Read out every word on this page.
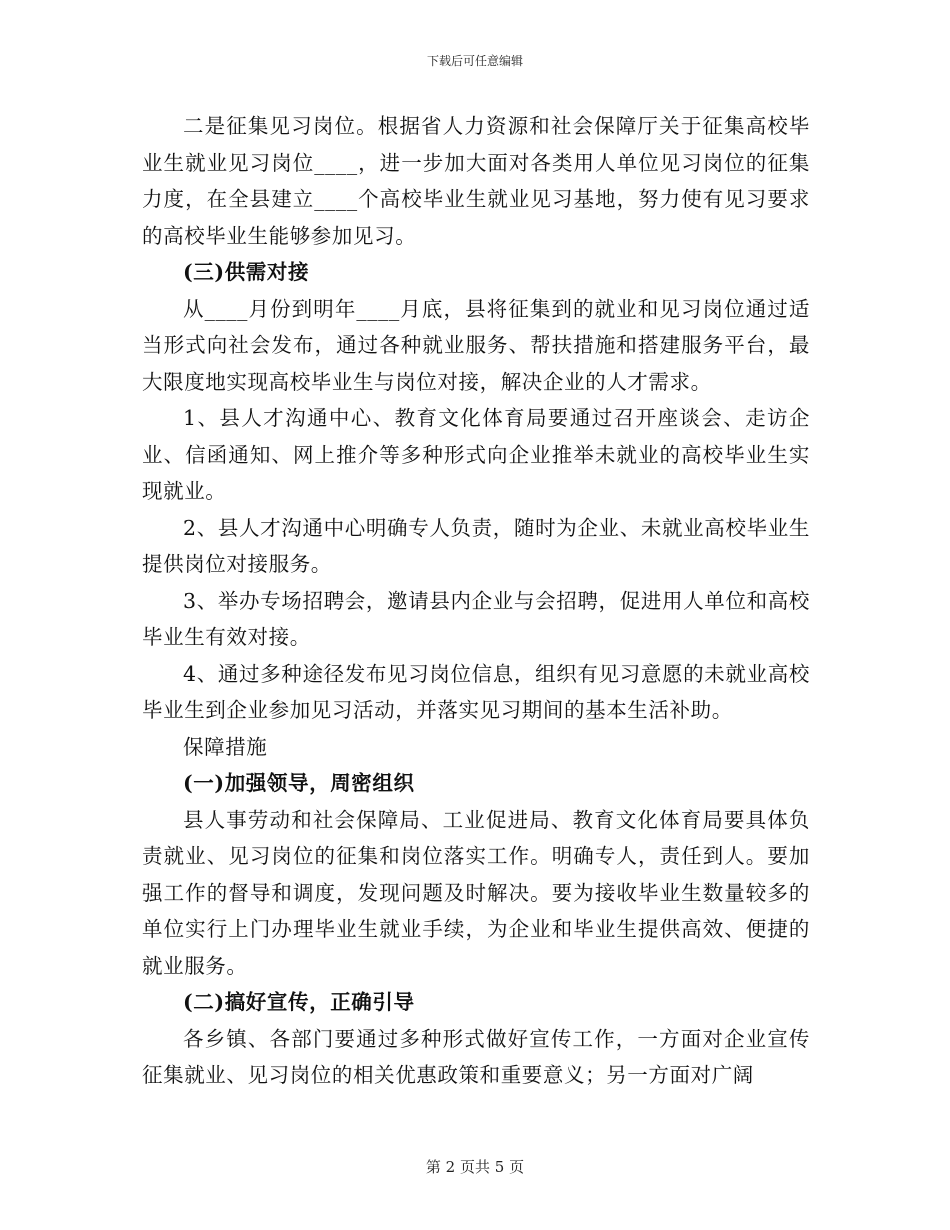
下载后可任意编辑

二是征集见习岗位。根据省人力资源和社会保障厅关于征集高校毕业生就业见习岗位____，进一步加大面对各类用人单位见习岗位的征集力度，在全县建立____个高校毕业生就业见习基地，努力使有见习要求的高校毕业生能够参加见习。

(三)供需对接

从____月份到明年____月底，县将征集到的就业和见习岗位通过适当形式向社会发布，通过各种就业服务、帮扶措施和搭建服务平台，最大限度地实现高校毕业生与岗位对接，解决企业的人才需求。

1、县人才沟通中心、教育文化体育局要通过召开座谈会、走访企业、信函通知、网上推介等多种形式向企业推举未就业的高校毕业生实现就业。

2、县人才沟通中心明确专人负责，随时为企业、未就业高校毕业生提供岗位对接服务。

3、举办专场招聘会，邀请县内企业与会招聘，促进用人单位和高校毕业生有效对接。

4、通过多种途径发布见习岗位信息，组织有见习意愿的未就业高校毕业生到企业参加见习活动，并落实见习期间的基本生活补助。

保障措施

(一)加强领导，周密组织

县人事劳动和社会保障局、工业促进局、教育文化体育局要具体负责就业、见习岗位的征集和岗位落实工作。明确专人，责任到人。要加强工作的督导和调度，发现问题及时解决。要为接收毕业生数量较多的单位实行上门办理毕业生就业手续，为企业和毕业生提供高效、便捷的就业服务。

(二)搞好宣传，正确引导

各乡镇、各部门要通过多种形式做好宣传工作，一方面对企业宣传征集就业、见习岗位的相关优惠政策和重要意义；另一方面对广阔

第 2 页共 5 页
